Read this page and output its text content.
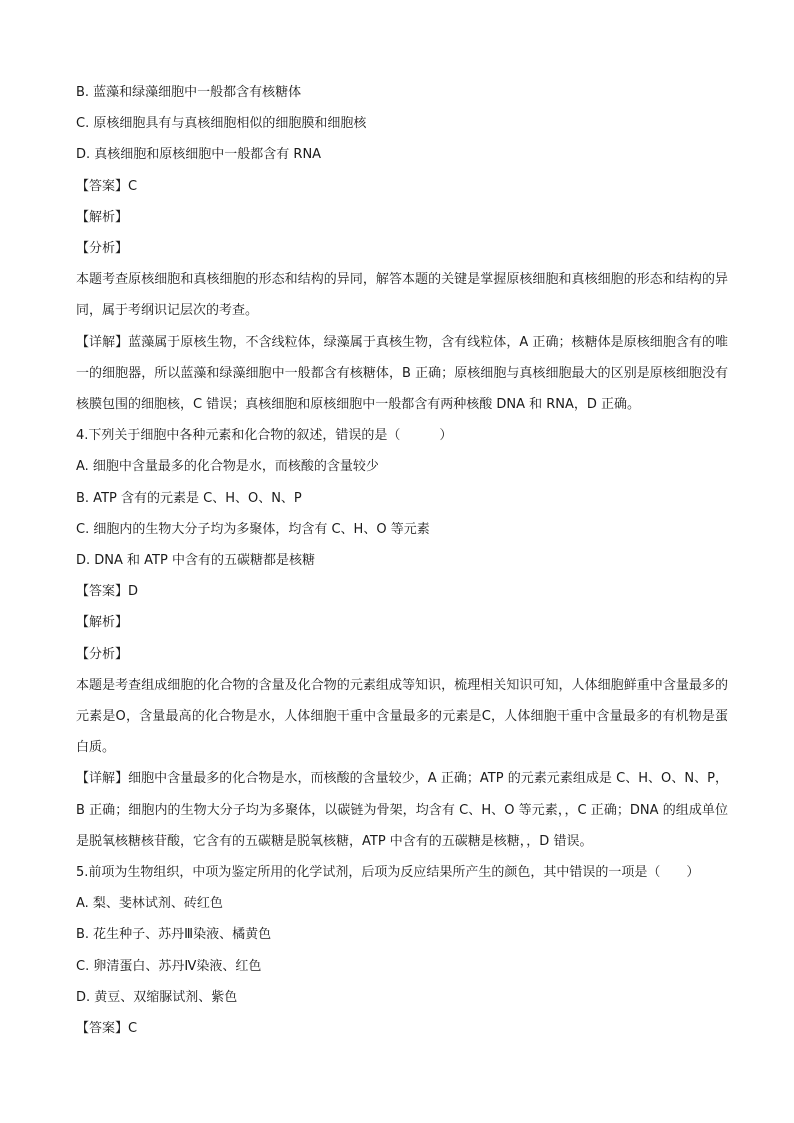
B. 蓝藻和绿藻细胞中一般都含有核糖体
C. 原核细胞具有与真核细胞相似的细胞膜和细胞核
D. 真核细胞和原核细胞中一般都含有 RNA
【答案】C
【解析】
【分析】
本题考查原核细胞和真核细胞的形态和结构的异同，解答本题的关键是掌握原核细胞和真核细胞的形态和结构的异同，属于考纲识记层次的考查。
【详解】蓝藻属于原核生物，不含线粒体，绿藻属于真核生物，含有线粒体，A 正确；核糖体是原核细胞含有的唯一的细胞器，所以蓝藻和绿藻细胞中一般都含有核糖体，B 正确；原核细胞与真核细胞最大的区别是原核细胞没有核膜包围的细胞核，C 错误；真核细胞和原核细胞中一般都含有两种核酸 DNA 和 RNA，D 正确。
4.下列关于细胞中各种元素和化合物的叙述，错误的是（　　　）
A. 细胞中含量最多的化合物是水，而核酸的含量较少
B. ATP 含有的元素是 C、H、O、N、P
C. 细胞内的生物大分子均为多聚体，均含有 C、H、O 等元素
D. DNA 和 ATP 中含有的五碳糖都是核糖
【答案】D
【解析】
【分析】
本题是考查组成细胞的化合物的含量及化合物的元素组成等知识，梳理相关知识可知，人体细胞鲜重中含量最多的元素是O，含量最高的化合物是水，人体细胞干重中含量最多的元素是C，人体细胞干重中含量最多的有机物是蛋白质。
【详解】细胞中含量最多的化合物是水，而核酸的含量较少，A 正确；ATP 的元素元素组成是 C、H、O、N、P，B 正确；细胞内的生物大分子均为多聚体，以碳链为骨架，均含有 C、H、O 等元素，，C 正确；DNA 的组成单位是脱氧核糖核苷酸，它含有的五碳糖是脱氧核糖，ATP 中含有的五碳糖是核糖，，D 错误。
5.前项为生物组织，中项为鉴定所用的化学试剂，后项为反应结果所产生的颜色，其中错误的一项是（　　）
A. 梨、斐林试剂、砖红色
B. 花生种子、苏丹Ⅲ染液、橘黄色
C. 卵清蛋白、苏丹Ⅳ染液、红色
D. 黄豆、双缩脲试剂、紫色
【答案】C
